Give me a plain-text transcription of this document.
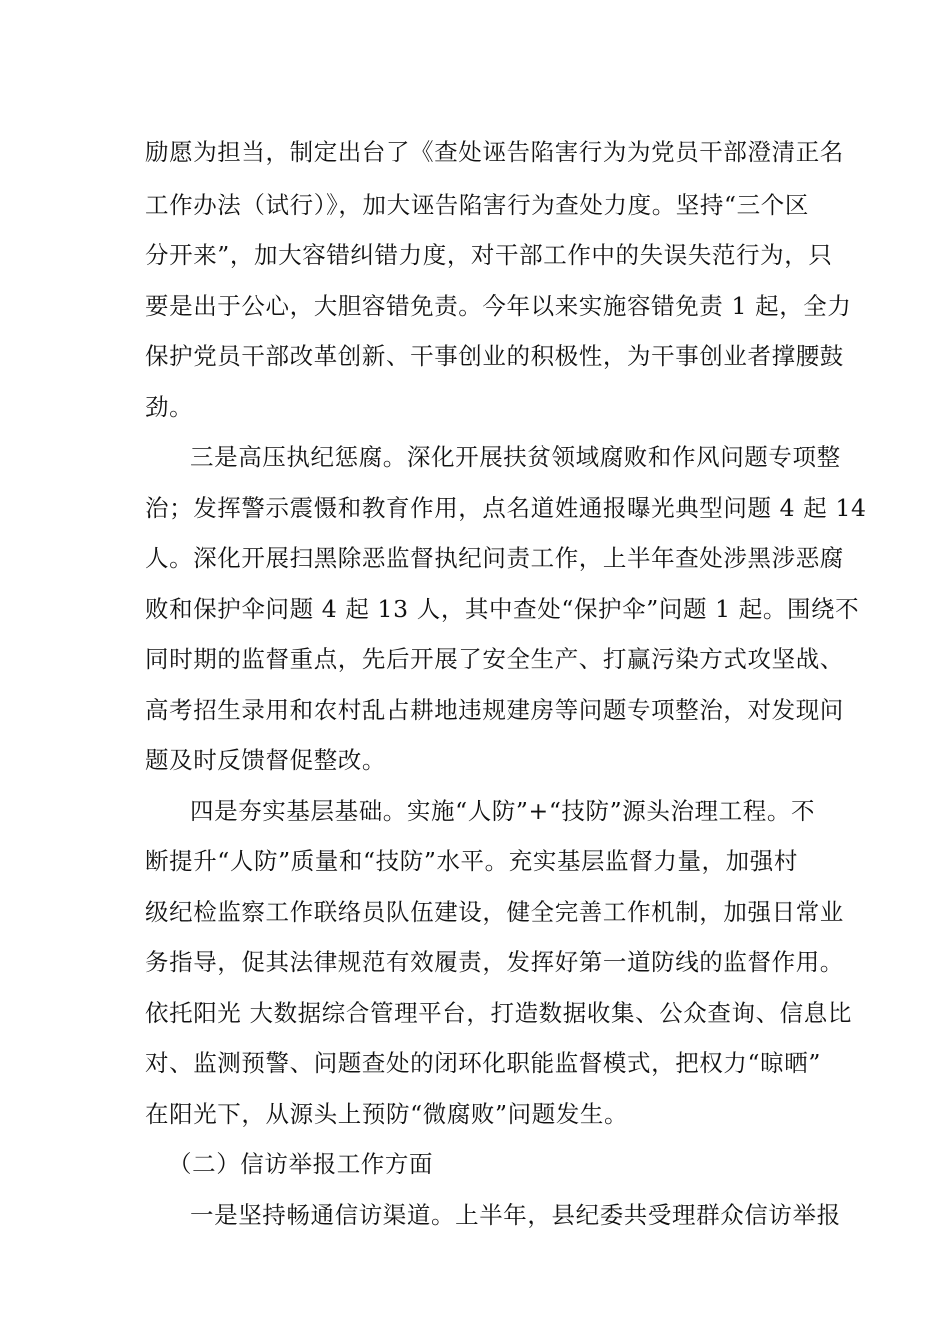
励愿为担当，制定出台了《查处诬告陷害行为为党员干部澄清正名

工作办法（试行）》，加大诬告陷害行为查处力度。坚持“三个区

分开来”，加大容错纠错力度，对干部工作中的失误失范行为，只

要是出于公心，大胆容错免责。今年以来实施容错免责 1 起，全力

保护党员干部改革创新、干事创业的积极性，为干事创业者撑腰鼓

劲。

三是高压执纪惩腐。深化开展扶贫领域腐败和作风问题专项整

治；发挥警示震慑和教育作用，点名道姓通报曝光典型问题 4 起 14

人。深化开展扫黑除恶监督执纪问责工作，上半年查处涉黑涉恶腐

败和保护伞问题 4 起 13 人，其中查处“保护伞”问题 1 起。围绕不

同时期的监督重点，先后开展了安全生产、打赢污染方式攻坚战、

高考招生录用和农村乱占耕地违规建房等问题专项整治，对发现问

题及时反馈督促整改。

四是夯实基层基础。实施“人防”+“技防”源头治理工程。不

断提升“人防”质量和“技防”水平。充实基层监督力量，加强村

级纪检监察工作联络员队伍建设，健全完善工作机制，加强日常业

务指导，促其法律规范有效履责，发挥好第一道防线的监督作用。

依托阳光 大数据综合管理平台，打造数据收集、公众查询、信息比

对、监测预警、问题查处的闭环化职能监督模式，把权力“晾晒”

在阳光下，从源头上预防“微腐败”问题发生。

（二）信访举报工作方面

一是坚持畅通信访渠道。上半年，县纪委共受理群众信访举报
